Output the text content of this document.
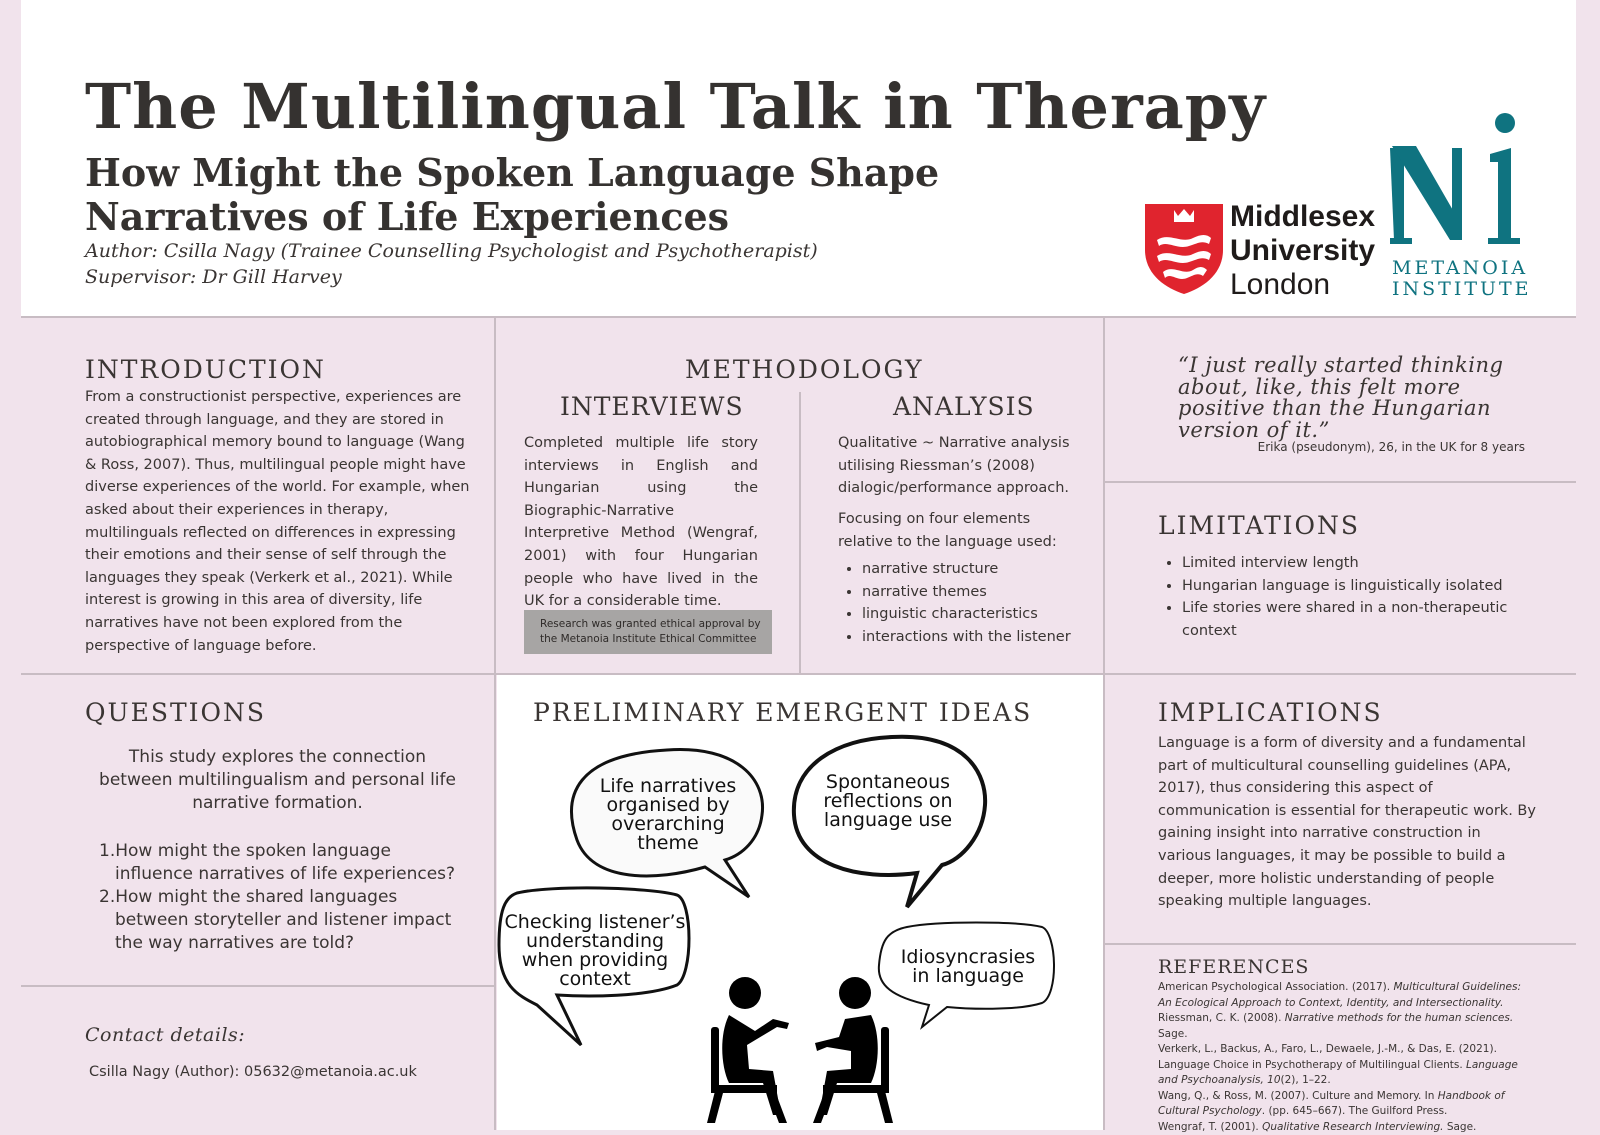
The Multilingual Talk in Therapy
How Might the Spoken Language Shape
Narratives of Life Experiences
Author: Csilla Nagy (Trainee Counselling Psychologist and Psychotherapist)
Supervisor: Dr Gill Harvey
Middlesex
University
London	METANOIA
INSTITUTE
INTRODUCTION
From a constructionist perspective, experiences are created through language, and they are stored in autobiographical memory bound to language (Wang & Ross, 2007). Thus, multilingual people might have diverse experiences of the world. For example, when asked about their experiences in therapy, multilinguals reflected on differences in expressing their emotions and their sense of self through the languages they speak (Verkerk et al., 2021). While interest is growing in this area of diversity, life narratives have not been explored from the perspective of language before.
METHODOLOGY
INTERVIEWS	ANALYSIS
Completed multiple life story interviews in English and Hungarian using the Biographic-Narrative Interpretive Method (Wengraf, 2001) with four Hungarian people who have lived in the UK for a considerable time.
Research was granted ethical approval by the Metanoia Institute Ethical Committee
Qualitative ~ Narrative analysis utilising Riessman’s (2008) dialogic/performance approach.
Focusing on four elements relative to the language used:
• narrative structure
• narrative themes
• linguistic characteristics
• interactions with the listener
“I just really started thinking about, like, this felt more positive than the Hungarian version of it.”
Erika (pseudonym), 26, in the UK for 8 years
LIMITATIONS
• Limited interview length
• Hungarian language is linguistically isolated
• Life stories were shared in a non-therapeutic context
QUESTIONS
This study explores the connection between multilingualism and personal life narrative formation.
1.How might the spoken language influence narratives of life experiences?
2.How might the shared languages between storyteller and listener impact the way narratives are told?
Contact details:
Csilla Nagy (Author): 05632@metanoia.ac.uk
PRELIMINARY EMERGENT IDEAS
Life narratives organised by overarching theme
Spontaneous reflections on language use
Checking listener’s understanding when providing context
Idiosyncrasies in language
IMPLICATIONS
Language is a form of diversity and a fundamental part of multicultural counselling guidelines (APA, 2017), thus considering this aspect of communication is essential for therapeutic work. By gaining insight into narrative construction in various languages, it may be possible to build a deeper, more holistic understanding of people speaking multiple languages.
REFERENCES

American Psychological Association. (2017). Multicultural Guidelines: An Ecological Approach to Context, Identity, and Intersectionality.

Riessman, C. K. (2008). Narrative methods for the human sciences. Sage.

Verkerk, L., Backus, A., Faro, L., Dewaele, J.-M., & Das, E. (2021). Language Choice in Psychotherapy of Multilingual Clients. Language and Psychoanalysis, 10(2), 1–22.

Wang, Q., & Ross, M. (2007). Culture and Memory. In Handbook of Cultural Psychology. (pp. 645–667). The Guilford Press.

Wengraf, T. (2001). Qualitative Research Interviewing. Sage.
